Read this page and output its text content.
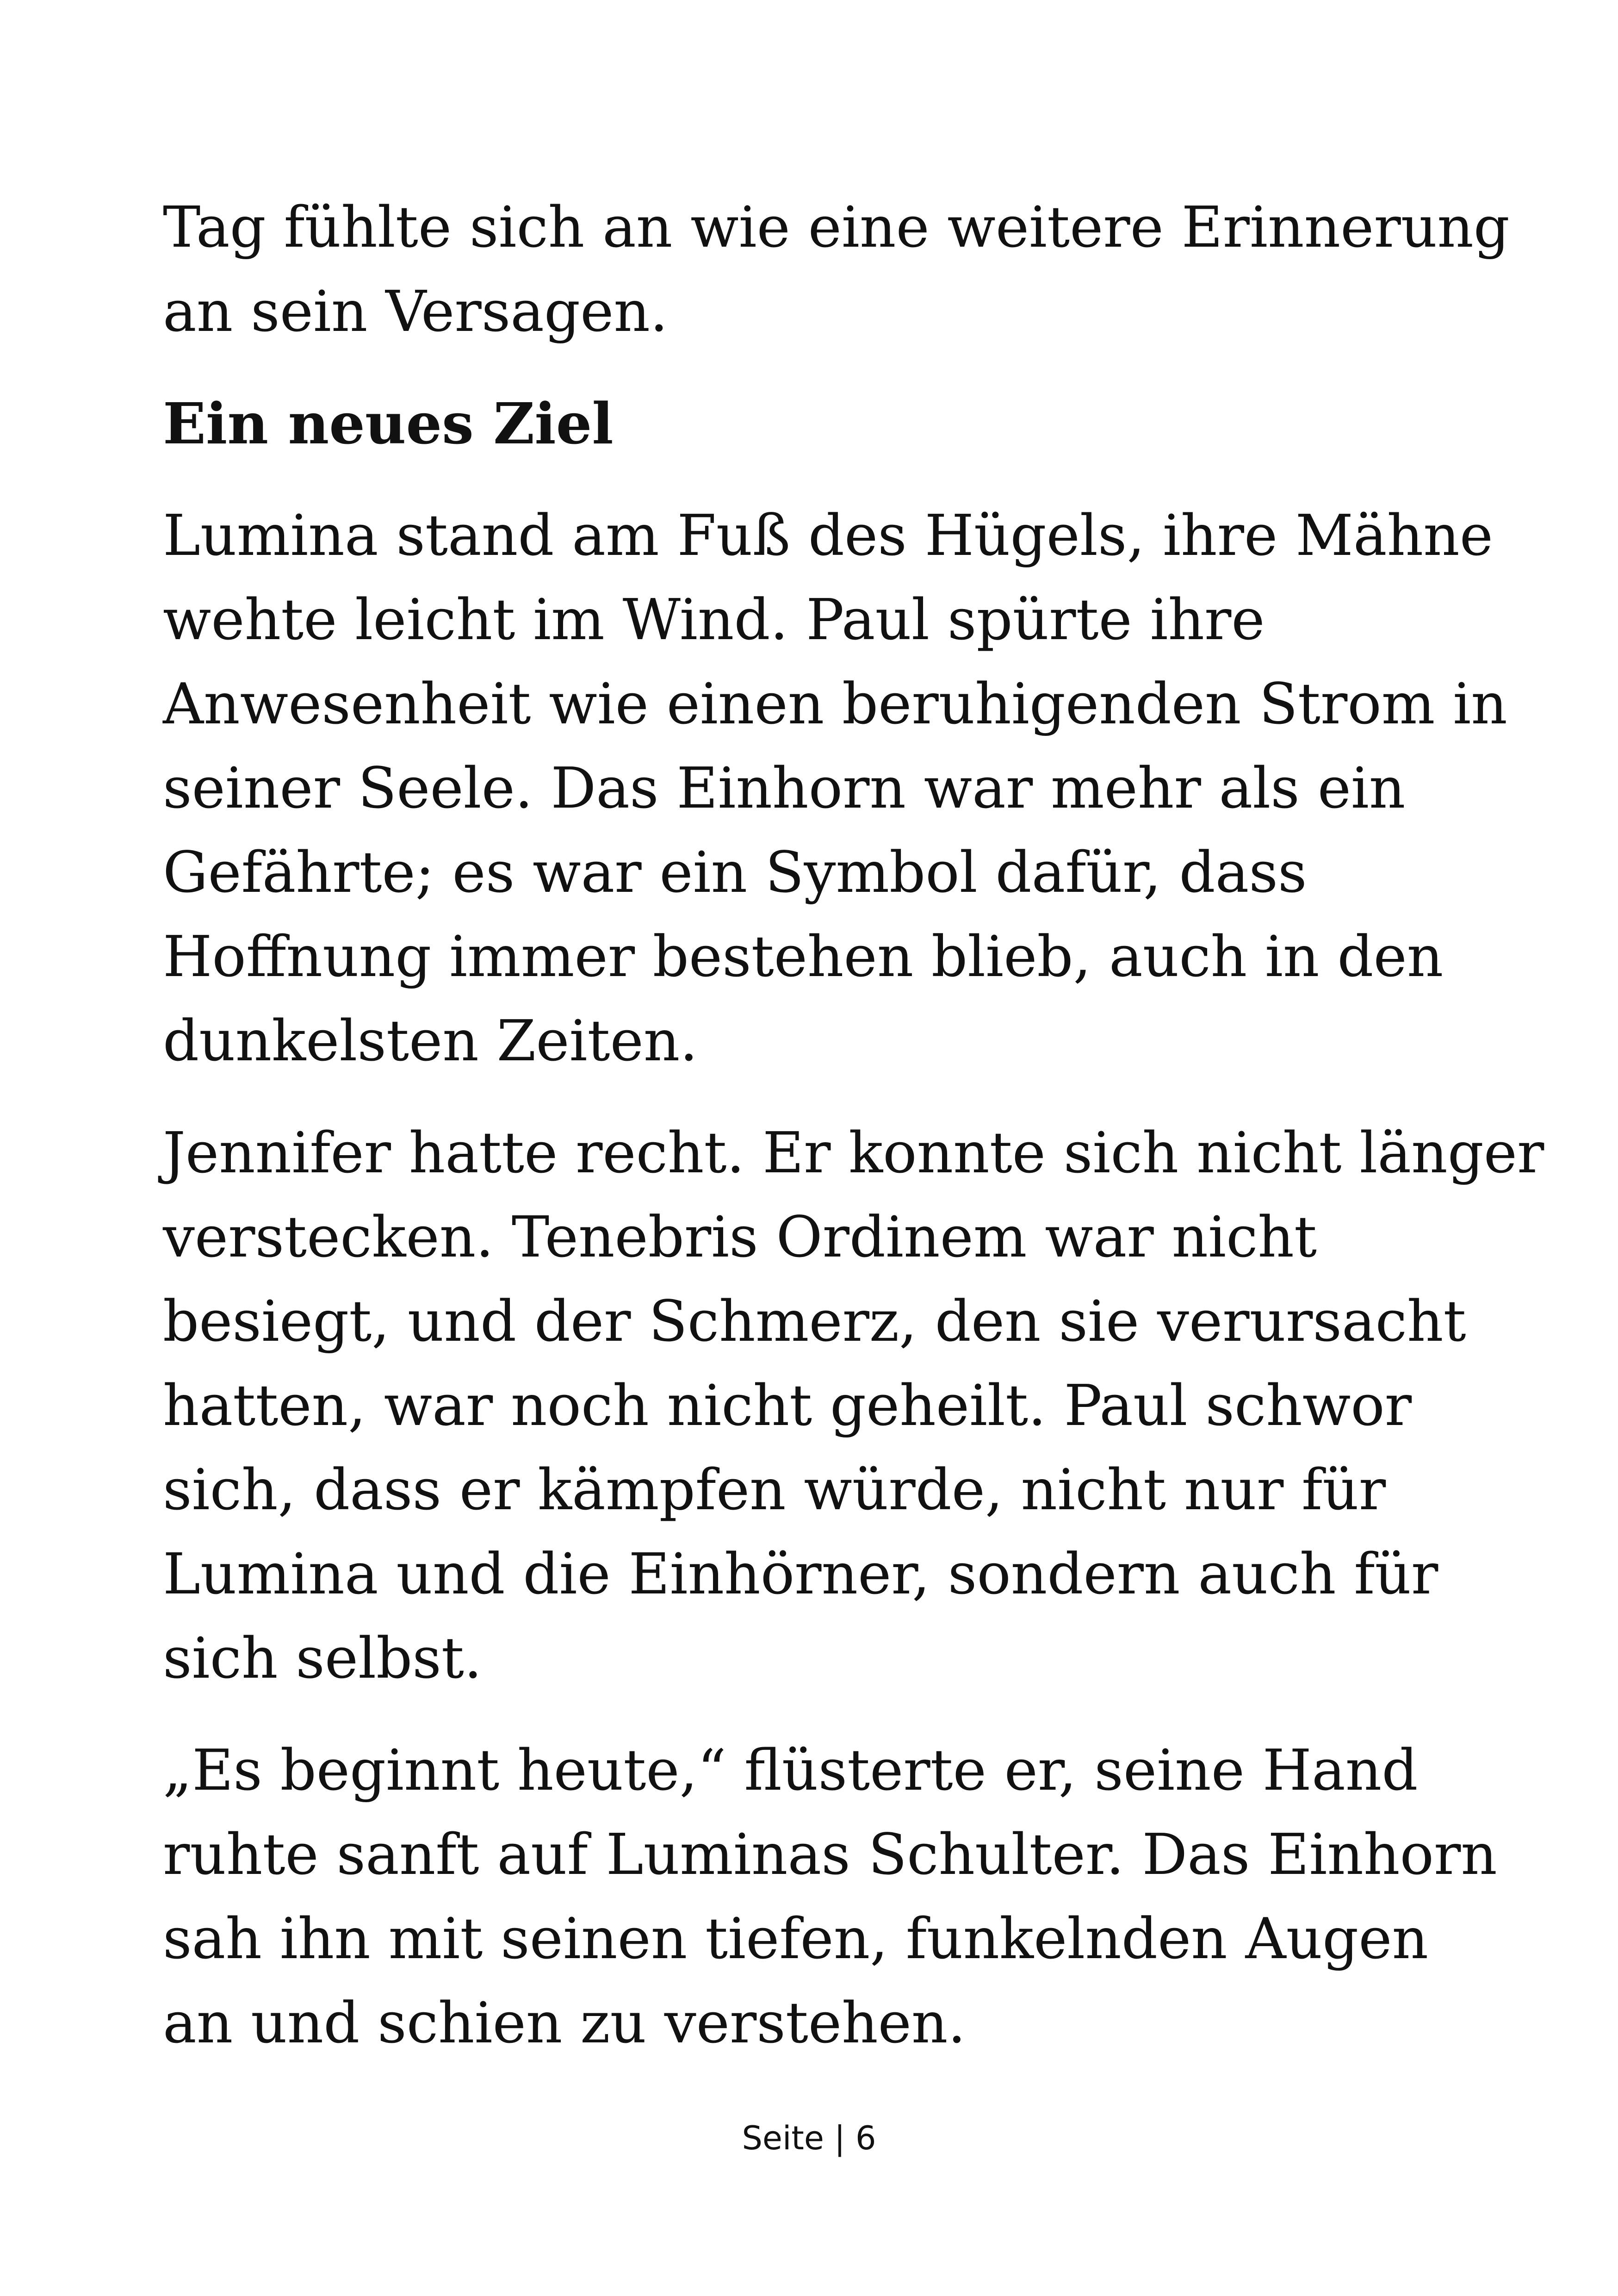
Tag fühlte sich an wie eine weitere Erinnerung
an sein Versagen.

Ein neues Ziel

Lumina stand am Fuß des Hügels, ihre Mähne
wehte leicht im Wind. Paul spürte ihre
Anwesenheit wie einen beruhigenden Strom in
seiner Seele. Das Einhorn war mehr als ein
Gefährte; es war ein Symbol dafür, dass
Hoffnung immer bestehen blieb, auch in den
dunkelsten Zeiten.

Jennifer hatte recht. Er konnte sich nicht länger
verstecken. Tenebris Ordinem war nicht
besiegt, und der Schmerz, den sie verursacht
hatten, war noch nicht geheilt. Paul schwor
sich, dass er kämpfen würde, nicht nur für
Lumina und die Einhörner, sondern auch für
sich selbst.

„Es beginnt heute,“ flüsterte er, seine Hand
ruhte sanft auf Luminas Schulter. Das Einhorn
sah ihn mit seinen tiefen, funkelnden Augen
an und schien zu verstehen.

Seite | 6
